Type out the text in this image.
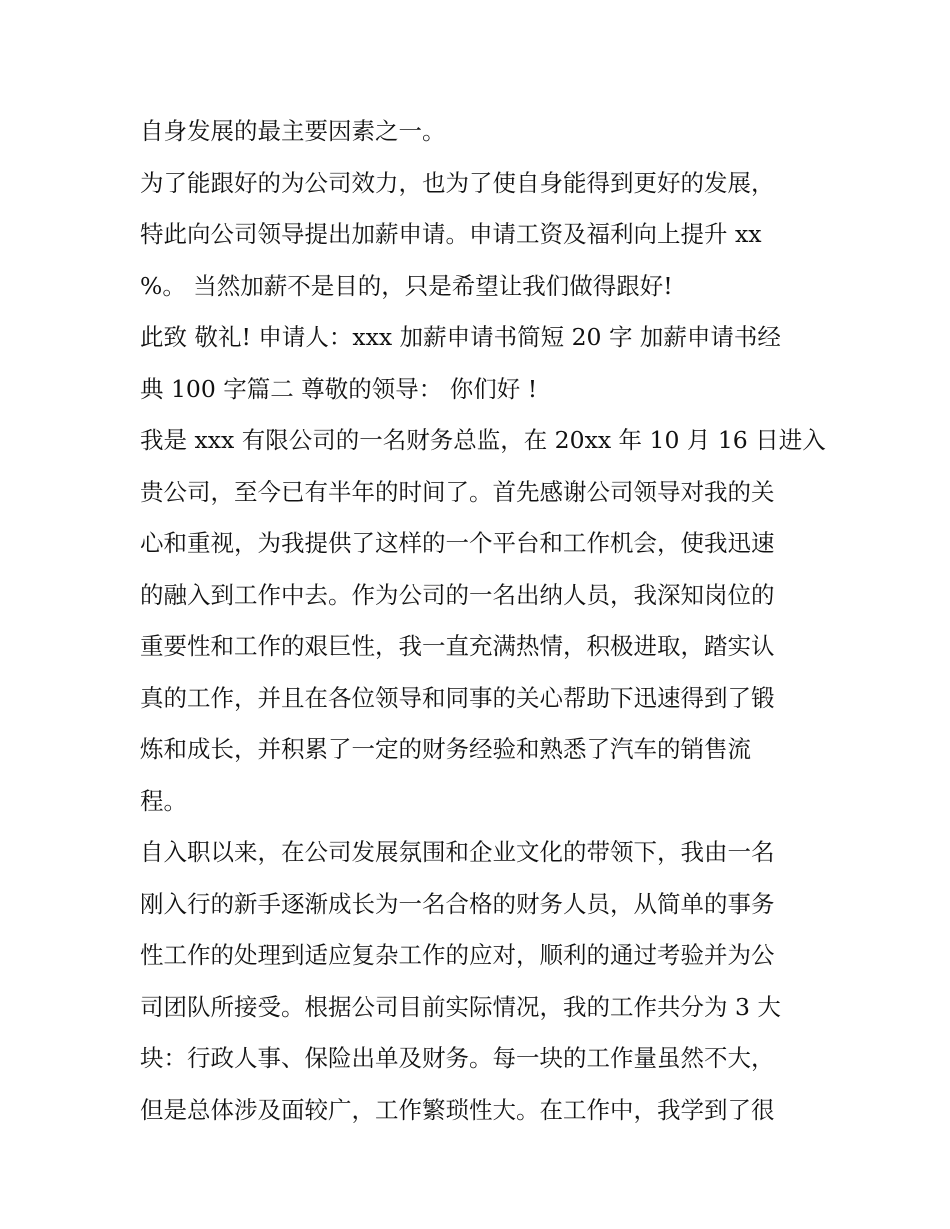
自身发展的最主要因素之一。
为了能跟好的为公司效力，也为了使自身能得到更好的发展，
特此向公司领导提出加薪申请。申请工资及福利向上提升 xx
%。 当然加薪不是目的，只是希望让我们做得跟好!
此致 敬礼! 申请人：xxx 加薪申请书简短 20 字 加薪申请书经
典 100 字篇二 尊敬的领导： 你们好 !
我是 xxx 有限公司的一名财务总监，在 20xx 年 10 月 16 日进入
贵公司，至今已有半年的时间了。首先感谢公司领导对我的关
心和重视，为我提供了这样的一个平台和工作机会，使我迅速
的融入到工作中去。作为公司的一名出纳人员，我深知岗位的
重要性和工作的艰巨性，我一直充满热情，积极进取，踏实认
真的工作，并且在各位领导和同事的关心帮助下迅速得到了锻
炼和成长，并积累了一定的财务经验和熟悉了汽车的销售流
程。
自入职以来，在公司发展氛围和企业文化的带领下，我由一名
刚入行的新手逐渐成长为一名合格的财务人员，从简单的事务
性工作的处理到适应复杂工作的应对，顺利的通过考验并为公
司团队所接受。根据公司目前实际情况，我的工作共分为 3 大
块：行政人事、保险出单及财务。每一块的工作量虽然不大，
但是总体涉及面较广，工作繁琐性大。在工作中，我学到了很
